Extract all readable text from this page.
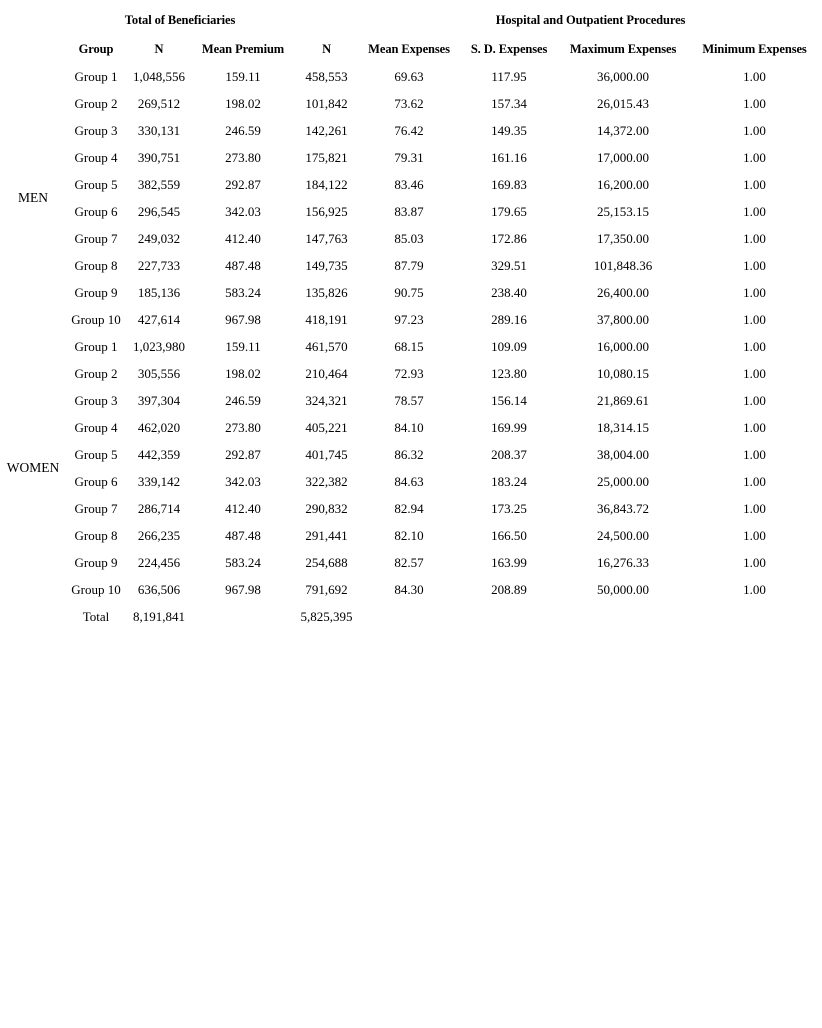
	Total of Beneficiaries				Hospital and Outpatient Procedures			
	Group	N	Mean Premium	N	Mean Expenses	S. D. Expenses	Maximum Expenses	Minimum Expenses
MEN	Group 1	1,048,556	159.11	458,553	69.63	117.95	36,000.00	1.00
	Group 2	269,512	198.02	101,842	73.62	157.34	26,015.43	1.00
	Group 3	330,131	246.59	142,261	76.42	149.35	14,372.00	1.00
	Group 4	390,751	273.80	175,821	79.31	161.16	17,000.00	1.00
	Group 5	382,559	292.87	184,122	83.46	169.83	16,200.00	1.00
	Group 6	296,545	342.03	156,925	83.87	179.65	25,153.15	1.00
	Group 7	249,032	412.40	147,763	85.03	172.86	17,350.00	1.00
	Group 8	227,733	487.48	149,735	87.79	329.51	101,848.36	1.00
	Group 9	185,136	583.24	135,826	90.75	238.40	26,400.00	1.00
	Group 10	427,614	967.98	418,191	97.23	289.16	37,800.00	1.00
WOMEN	Group 1	1,023,980	159.11	461,570	68.15	109.09	16,000.00	1.00
	Group 2	305,556	198.02	210,464	72.93	123.80	10,080.15	1.00
	Group 3	397,304	246.59	324,321	78.57	156.14	21,869.61	1.00
	Group 4	462,020	273.80	405,221	84.10	169.99	18,314.15	1.00
	Group 5	442,359	292.87	401,745	86.32	208.37	38,004.00	1.00
	Group 6	339,142	342.03	322,382	84.63	183.24	25,000.00	1.00
	Group 7	286,714	412.40	290,832	82.94	173.25	36,843.72	1.00
	Group 8	266,235	487.48	291,441	82.10	166.50	24,500.00	1.00
	Group 9	224,456	583.24	254,688	82.57	163.99	16,276.33	1.00
	Group 10	636,506	967.98	791,692	84.30	208.89	50,000.00	1.00
	Total	8,191,841		5,825,395				
